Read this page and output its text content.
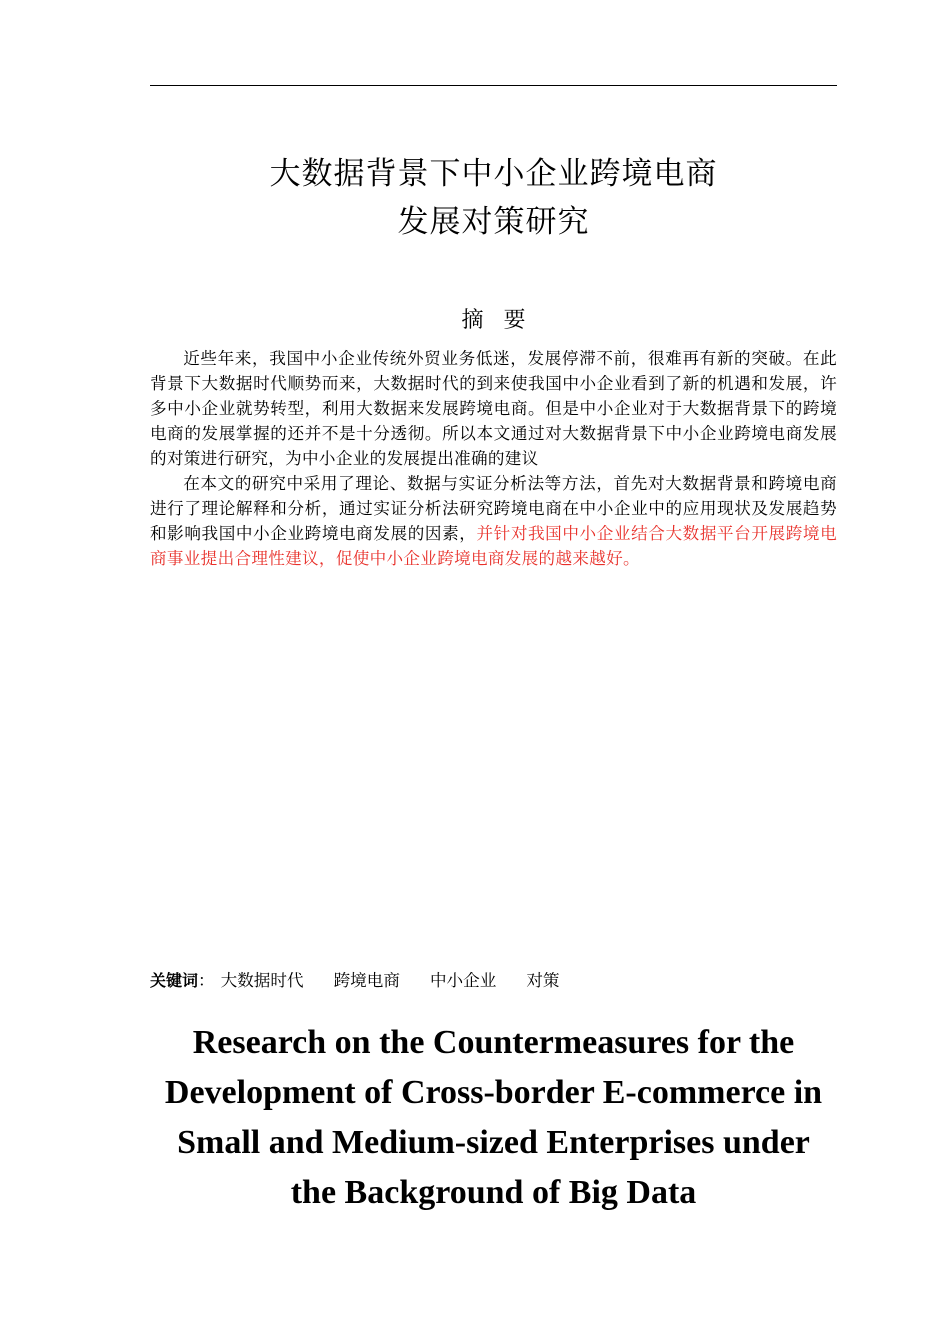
大数据背景下中小企业跨境电商
发展对策研究
摘要

近些年来，我国中小企业传统外贸业务低迷，发展停滞不前，很难再有新的突破。在此背景下大数据时代顺势而来，大数据时代的到来使我国中小企业看到了新的机遇和发展，许多中小企业就势转型，利用大数据来发展跨境电商。但是中小企业对于大数据背景下的跨境电商的发展掌握的还并不是十分透彻。所以本文通过对大数据背景下中小企业跨境电商发展的对策进行研究，为中小企业的发展提出准确的建议

在本文的研究中采用了理论、数据与实证分析法等方法，首先对大数据背景和跨境电商进行了理论解释和分析，通过实证分析法研究跨境电商在中小企业中的应用现状及发展趋势和影响我国中小企业跨境电商发展的因素，并针对我国中小企业结合大数据平台开展跨境电商事业提出合理性建议，促使中小企业跨境电商发展的越来越好。

关键词： 大数据时代 跨境电商 中小企业 对策
Research on the Countermeasures for the
Development of Cross-border E-commerce in
Small and Medium-sized Enterprises under
the Background of Big Data
